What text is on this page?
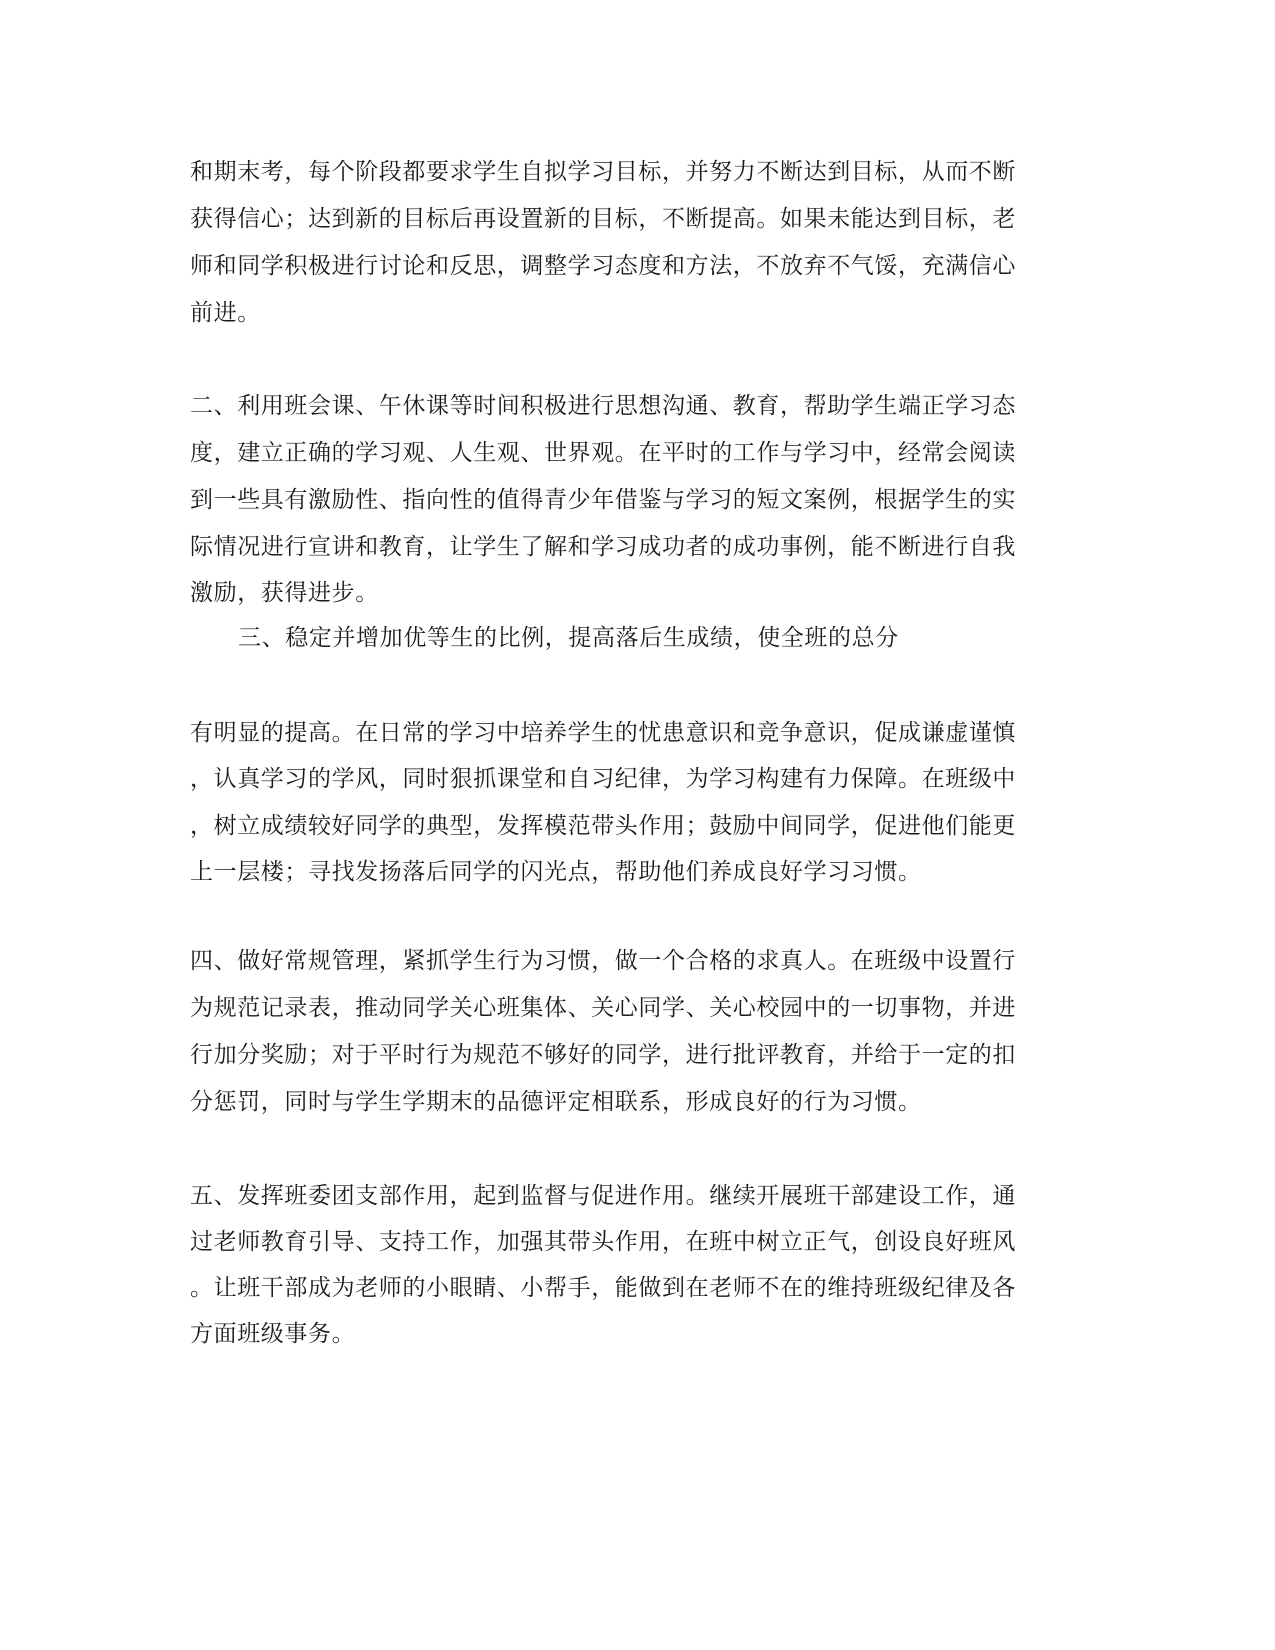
和期末考，每个阶段都要求学生自拟学习目标，并努力不断达到目标，从而不断
获得信心；达到新的目标后再设置新的目标，不断提高。如果未能达到目标，老
师和同学积极进行讨论和反思，调整学习态度和方法，不放弃不气馁，充满信心
前进。
二、利用班会课、午休课等时间积极进行思想沟通、教育，帮助学生端正学习态
度，建立正确的学习观、人生观、世界观。在平时的工作与学习中，经常会阅读
到一些具有激励性、指向性的值得青少年借鉴与学习的短文案例，根据学生的实
际情况进行宣讲和教育，让学生了解和学习成功者的成功事例，能不断进行自我
激励，获得进步。
三、稳定并增加优等生的比例，提高落后生成绩，使全班的总分
有明显的提高。在日常的学习中培养学生的忧患意识和竞争意识，促成谦虚谨慎
，认真学习的学风，同时狠抓课堂和自习纪律，为学习构建有力保障。在班级中
，树立成绩较好同学的典型，发挥模范带头作用；鼓励中间同学，促进他们能更
上一层楼；寻找发扬落后同学的闪光点，帮助他们养成良好学习习惯。
四、做好常规管理，紧抓学生行为习惯，做一个合格的求真人。在班级中设置行
为规范记录表，推动同学关心班集体、关心同学、关心校园中的一切事物，并进
行加分奖励；对于平时行为规范不够好的同学，进行批评教育，并给于一定的扣
分惩罚，同时与学生学期末的品德评定相联系，形成良好的行为习惯。
五、发挥班委团支部作用，起到监督与促进作用。继续开展班干部建设工作，通
过老师教育引导、支持工作，加强其带头作用，在班中树立正气，创设良好班风
。让班干部成为老师的小眼睛、小帮手，能做到在老师不在的维持班级纪律及各
方面班级事务。
